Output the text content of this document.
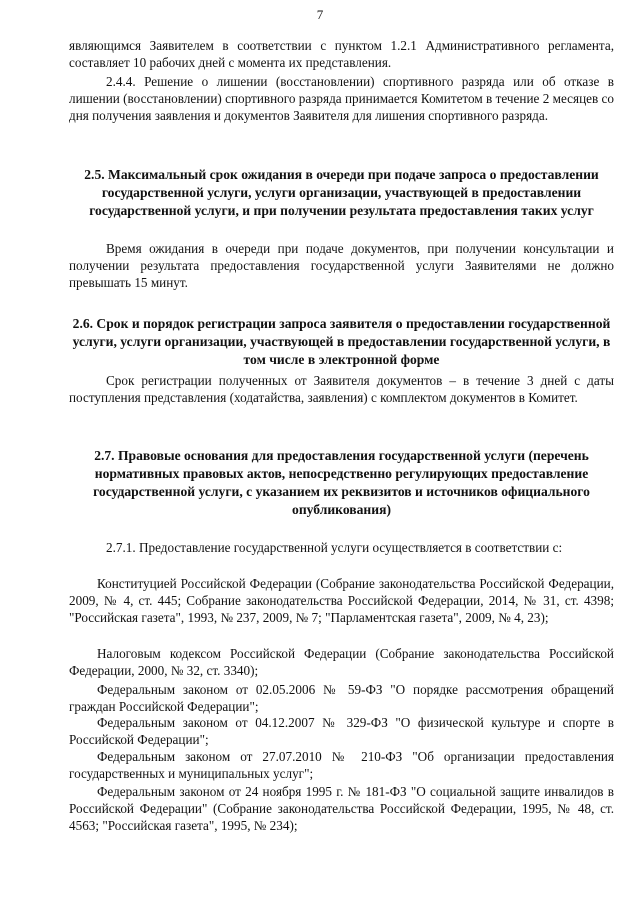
7

являющимся Заявителем в соответствии с пунктом 1.2.1 Административного регламента, составляет 10 рабочих дней с момента их представления.

2.4.4. Решение о лишении (восстановлении) спортивного разряда или об отказе в лишении (восстановлении) спортивного разряда принимается Комитетом в течение 2 месяцев со дня получения заявления и документов Заявителя для лишения спортивного разряда.

2.5. Максимальный срок ожидания в очереди при подаче запроса о предоставлении государственной услуги, услуги организации, участвующей в предоставлении государственной услуги, и при получении результата предоставления таких услуг

Время ожидания в очереди при подаче документов, при получении консультации и получении результата предоставления государственной услуги Заявителями не должно превышать 15 минут.

2.6. Срок и порядок регистрации запроса заявителя о предоставлении государственной услуги, услуги организации, участвующей в предоставлении государственной услуги, в том числе в электронной форме

Срок регистрации полученных от Заявителя документов – в течение 3 дней с даты поступления представления (ходатайства, заявления) с комплектом документов в Комитет.

2.7. Правовые основания для предоставления государственной услуги (перечень нормативных правовых актов, непосредственно регулирующих предоставление государственной услуги, с указанием их реквизитов и источников официального опубликования)

2.7.1. Предоставление государственной услуги осуществляется в соответствии с:

Конституцией Российской Федерации (Собрание законодательства Российской Федерации, 2009, № 4, ст. 445; Собрание законодательства Российской Федерации, 2014, № 31, ст. 4398; "Российская газета", 1993, № 237, 2009, № 7; "Парламентская газета", 2009, № 4, 23);

Налоговым кодексом Российской Федерации (Собрание законодательства Российской Федерации, 2000, № 32, ст. 3340);

Федеральным законом от 02.05.2006 № 59-ФЗ "О порядке рассмотрения обращений граждан Российской Федерации";

Федеральным законом от 04.12.2007 № 329-ФЗ "О физической культуре и спорте в Российской Федерации";

Федеральным законом от 27.07.2010 № 210-ФЗ "Об организации предоставления государственных и муниципальных услуг";

Федеральным законом от 24 ноября 1995 г. № 181-ФЗ "О социальной защите инвалидов в Российской Федерации" (Собрание законодательства Российской Федерации, 1995, № 48, ст. 4563; "Российская газета", 1995, № 234);
